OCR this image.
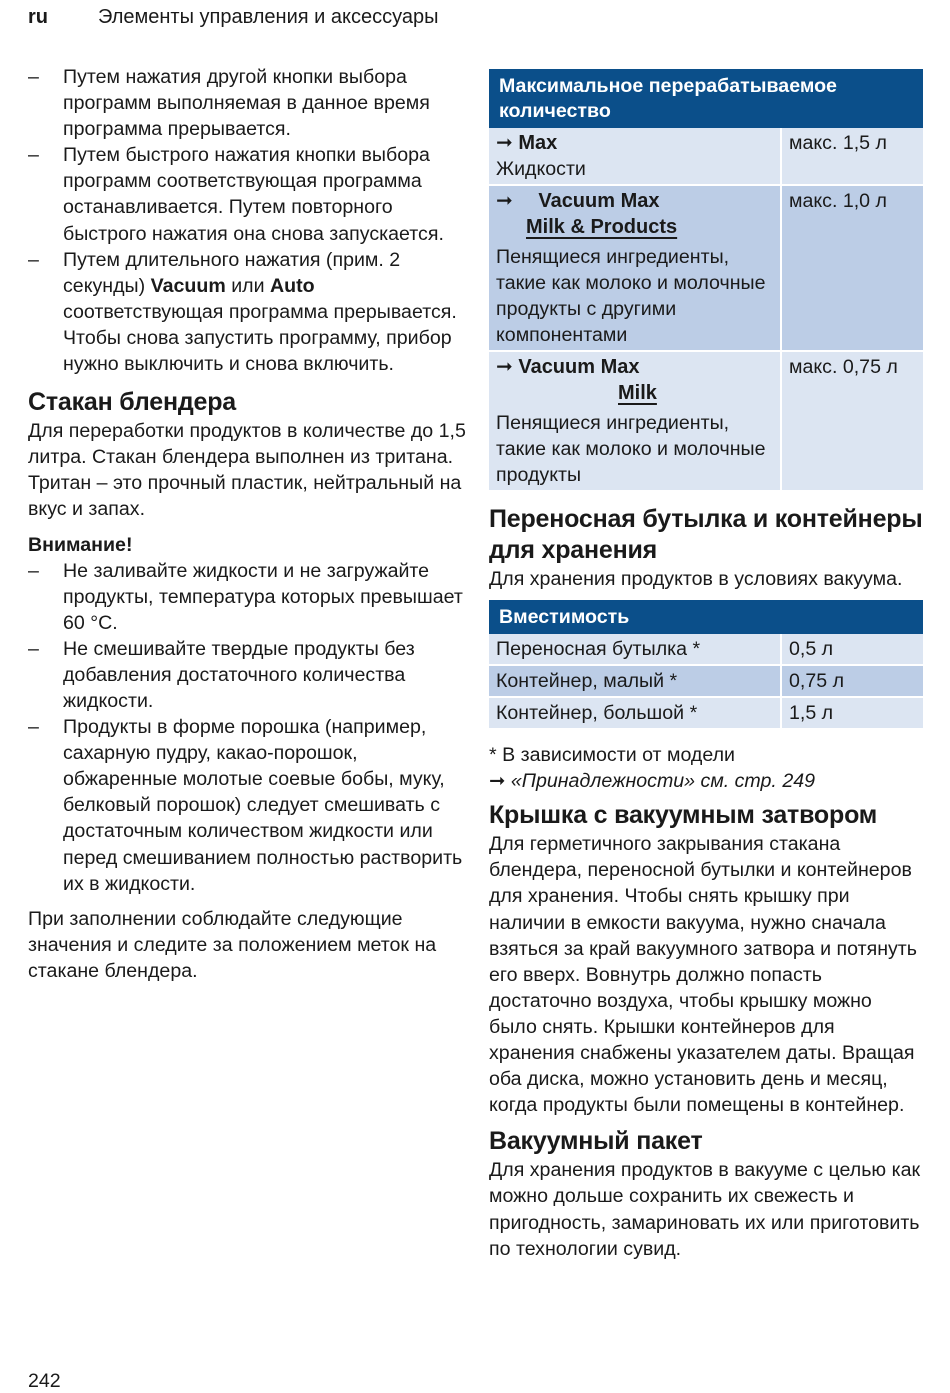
ru	Элементы управления и аксессуары
–	Путем нажатия другой кнопки выбора программ выполняемая в данное время программа прерывается.
–	Путем быстрого нажатия кнопки выбора программ соответствующая программа останавливается. Путем повторного быстрого нажатия она снова запускается.
–	Путем длительного нажатия (прим. 2 секунды) Vacuum или Auto соответствующая программа прерывается. Чтобы снова запустить программу, прибор нужно выключить и снова включить.
Стакан блендера

Для переработки продуктов в количестве до 1,5 литра. Стакан блендера выполнен из тритана. Тритан – это прочный пластик, нейтральный на вкус и запах.

Внимание!

–	Не заливайте жидкости и не загружайте продукты, температура которых превышает 60 °C.
–	Не смешивайте твердые продукты без добавления достаточного количества жидкости.
–	Продукты в форме порошка (например, сахарную пудру, какао-порошок, обжаренные молотые соевые бобы, муку, белковый порошок) следует смешивать с достаточным количеством жидкости или перед смешиванием полностью растворить их в жидкости.

При заполнении соблюдайте следующие значения и следите за положением меток на стакане блендера.

Максимальное перерабатываемое количество	

➞ Max
Жидкости	макс. 1,5 л

➞ Vacuum Max
Milk & Products
Пенящиеся ингредиенты, такие как молоко и молочные продукты с другими компонентами	макс. 1,0 л

➞ Vacuum Max
Milk
Пенящиеся ингредиенты, такие как молоко и молочные продукты	макс. 0,75 л
Переносная бутылка и контейнеры для хранения

Для хранения продуктов в условиях вакуума.

Вместимость	
Переносная бутылка *	0,5 л
Контейнер, малый *	0,75 л
Контейнер, большой *	1,5 л

* В зависимости от модели

➞ «Принадлежности» см. стр. 249

Крышка с вакуумным затвором

Для герметичного закрывания стакана блендера, переносной бутылки и контейнеров для хранения. Чтобы снять крышку при наличии в емкости вакуума, нужно сначала взяться за край вакуумного затвора и потянуть его вверх. Вовнутрь должно попасть достаточно воздуха, чтобы крышку можно было снять. Крышки контейнеров для хранения снабжены указателем даты. Вращая оба диска, можно установить день и месяц, когда продукты были помещены в контейнер.

Вакуумный пакет

Для хранения продуктов в вакууме с целью как можно дольше сохранить их свежесть и пригодность, замариновать их или приготовить по технологии сувид.

242
